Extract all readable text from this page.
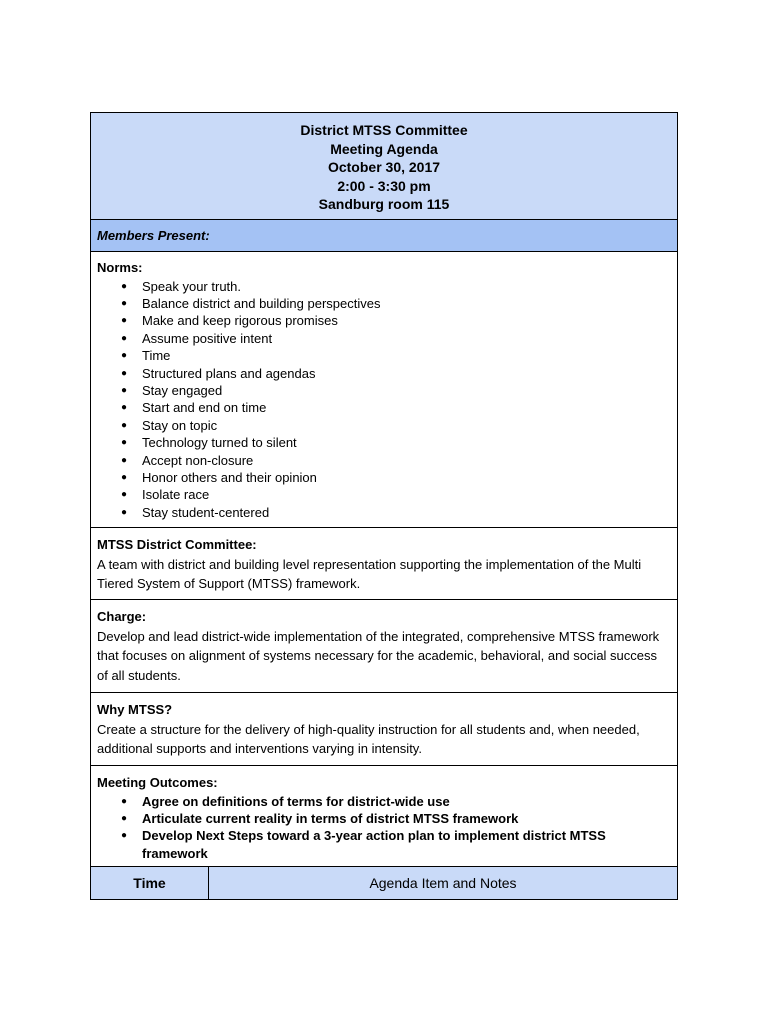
District MTSS Committee
Meeting Agenda
October 30, 2017
2:00 - 3:30 pm
Sandburg room 115
Members Present:
Norms:
● Speak your truth.
● Balance district and building perspectives
● Make and keep rigorous promises
● Assume positive intent
● Time
● Structured plans and agendas
● Stay engaged
● Start and end on time
● Stay on topic
● Technology turned to silent
● Accept non-closure
● Honor others and their opinion
● Isolate race
● Stay student-centered
MTSS District Committee:
A team with district and building level representation supporting the implementation of the Multi Tiered System of Support (MTSS) framework.
Charge:
Develop and lead district-wide implementation of the integrated, comprehensive MTSS framework that focuses on alignment of systems necessary for the academic, behavioral, and social success of all students.
Why MTSS?
Create a structure for the delivery of high-quality instruction for all students and, when needed, additional supports and interventions varying in intensity.
Meeting Outcomes:
● Agree on definitions of terms for district-wide use
● Articulate current reality in terms of district MTSS framework
● Develop Next Steps toward a 3-year action plan to implement district MTSS framework
Time	Agenda Item and Notes
